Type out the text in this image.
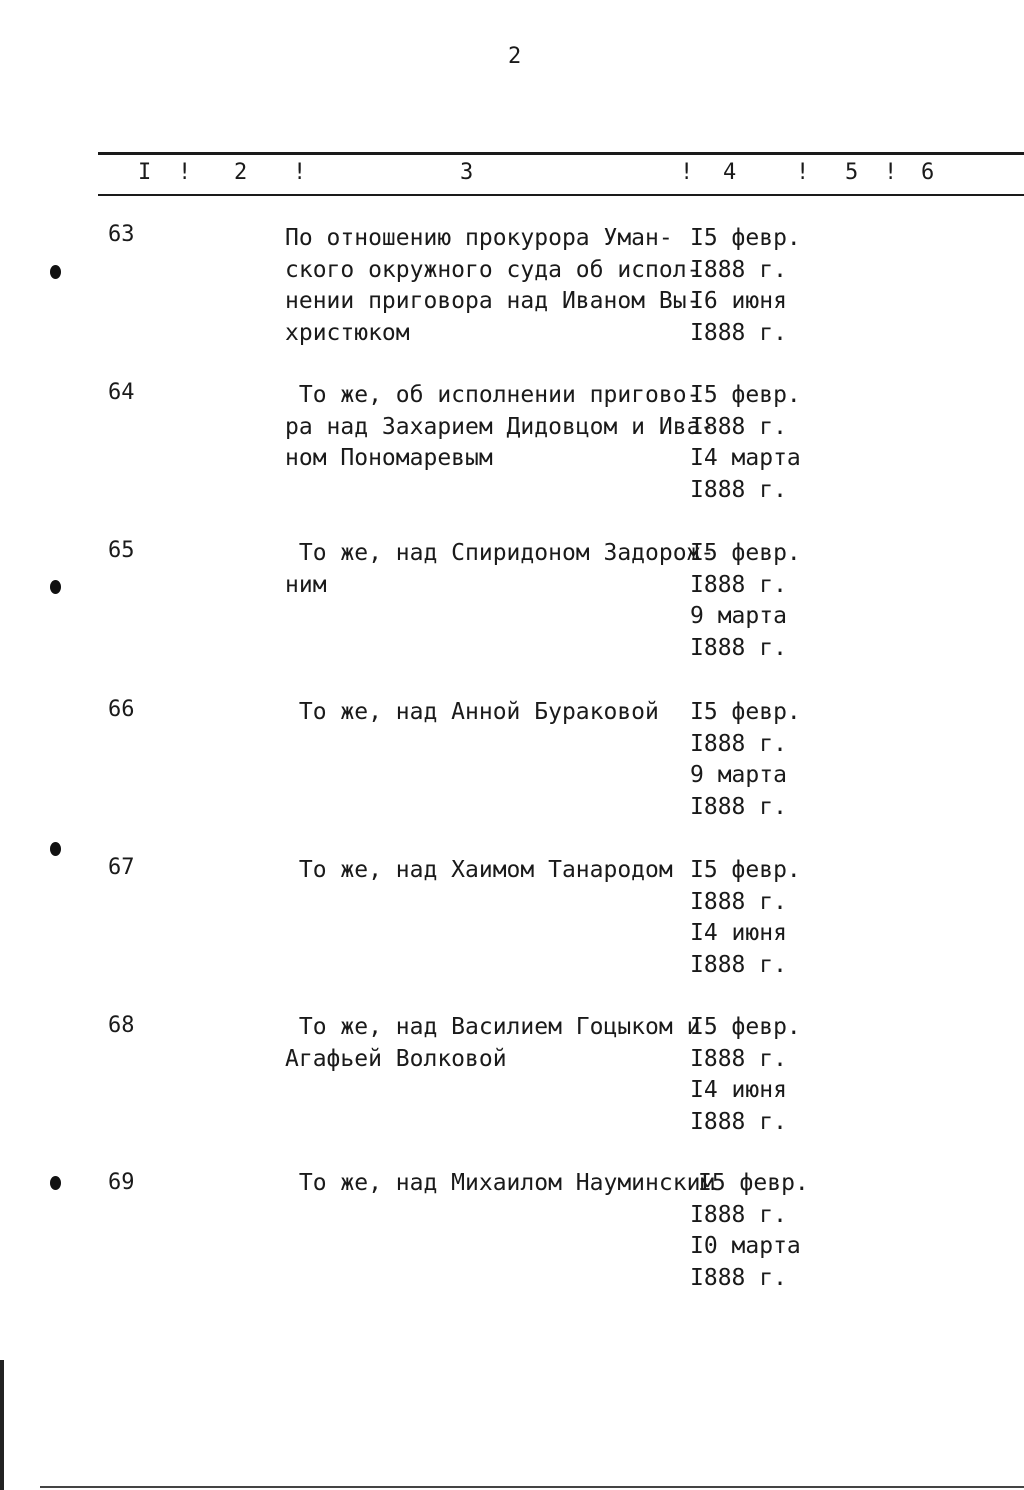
2
I ! 2 !	3	! 4	! 5 ! 6
63	По отношению прокурора Уман-
ского окружного суда об испол-
нении приговора над Иваном Вы-
христюком
I5 февр.
I888 г.
I6 июня
I888 г.
64	То же, об исполнении пригово-
ра над Захарием Дидовцом и Ива-
ном Пономаревым
I5 февр.
I888 г.
I4 марта
I888 г.
65	То же, над Спиридоном Задорож-
ним
I5 февр.
I888 г.
9 марта
I888 г.
66	То же, над Анной Бураковой	I5 февр.
I888 г.
9 марта
I888 г.
67	То же, над Хаимом Танародом I5 февр.
I888 г.
I4 июня
I888 г.
68	То же, над Василием Гоцыком и
Агафьей Волковой
I5 февр.
I888 г.
I4 июня
I888 г.
69	То же, над Михаилом Науминским
I5 февр.
I888 г.
I0 марта
I888 г.
